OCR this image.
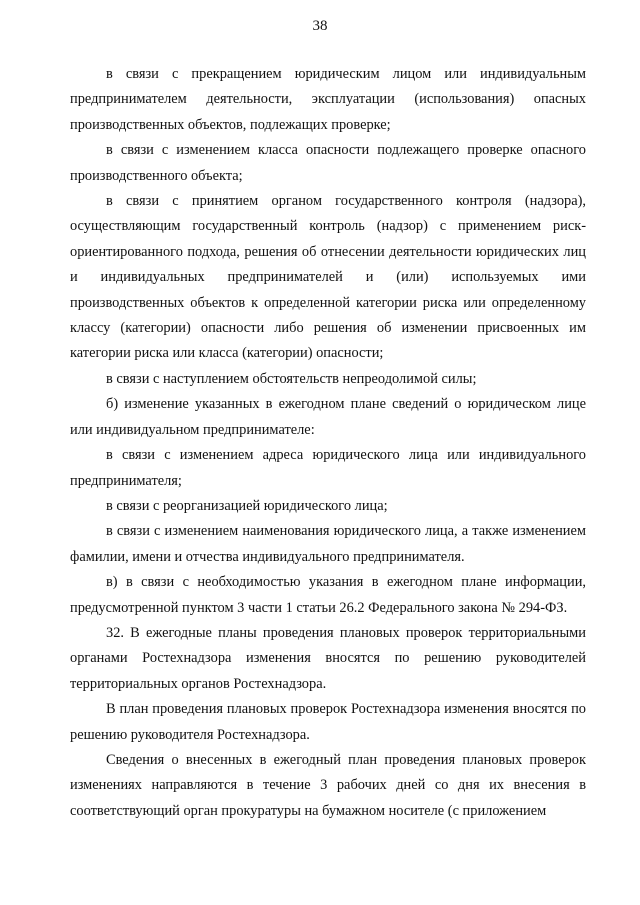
38

в связи с прекращением юридическим лицом или индивидуальным предпринимателем деятельности, эксплуатации (использования) опасных производственных объектов, подлежащих проверке;

в связи с изменением класса опасности подлежащего проверке опасного производственного объекта;

в связи с принятием органом государственного контроля (надзора), осуществляющим государственный контроль (надзор) с применением риск-ориентированного подхода, решения об отнесении деятельности юридических лиц и индивидуальных предпринимателей и (или) используемых ими производственных объектов к определенной категории риска или определенному классу (категории) опасности либо решения об изменении присвоенных им категории риска или класса (категории) опасности;

в связи с наступлением обстоятельств непреодолимой силы;

б) изменение указанных в ежегодном плане сведений о юридическом лице или индивидуальном предпринимателе:

в связи с изменением адреса юридического лица или индивидуального предпринимателя;

в связи с реорганизацией юридического лица;

в связи с изменением наименования юридического лица, а также изменением фамилии, имени и отчества индивидуального предпринимателя.

в) в связи с необходимостью указания в ежегодном плане информации, предусмотренной пунктом 3 части 1 статьи 26.2 Федерального закона № 294-ФЗ.

32. В ежегодные планы проведения плановых проверок территориальными органами Ростехнадзора изменения вносятся по решению руководителей территориальных органов Ростехнадзора.

В план проведения плановых проверок Ростехнадзора изменения вносятся по решению руководителя Ростехнадзора.

Сведения о внесенных в ежегодный план проведения плановых проверок изменениях направляются в течение 3 рабочих дней со дня их внесения в соответствующий орган прокуратуры на бумажном носителе (с приложением
